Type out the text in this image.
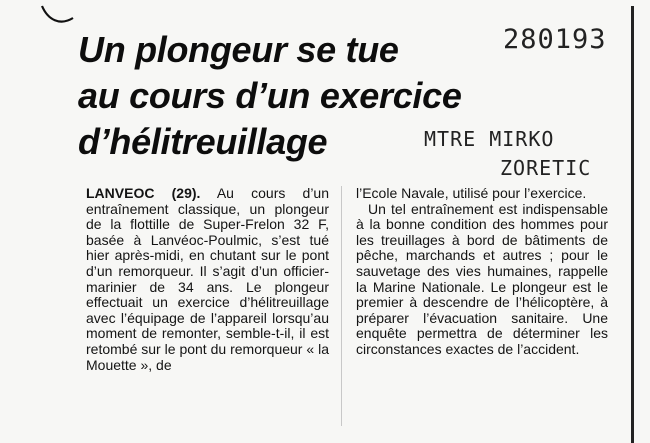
Un plongeur se tue
au cours d’un exercice
d’hélitreuillage
280193
MTRE MIRKO
ZORETIC

LANVEOC (29). Au cours d’un entraînement classique, un plongeur de la flottille de Super-Frelon 32 F, basée à Lanvéoc-Poulmic, s’est tué hier après-midi, en chutant sur le pont d’un remorqueur. Il s’agit d’un officier-marinier de 34 ans. Le plongeur effectuait un exercice d’hélitreuillage avec l’équipage de l’appareil lorsqu’au moment de remonter, semble-t-il, il est retombé sur le pont du remorqueur « la Mouette », de

l’Ecole Navale, utilisé pour l’exercice.

Un tel entraînement est indispensable à la bonne condition des hommes pour les treuillages à bord de bâtiments de pêche, marchands et autres ; pour le sauvetage des vies humaines, rappelle la Marine Nationale. Le plongeur est le premier à descendre de l’hélicoptère, à préparer l’évacuation sanitaire. Une enquête permettra de déterminer les circonstances exactes de l’accident.
